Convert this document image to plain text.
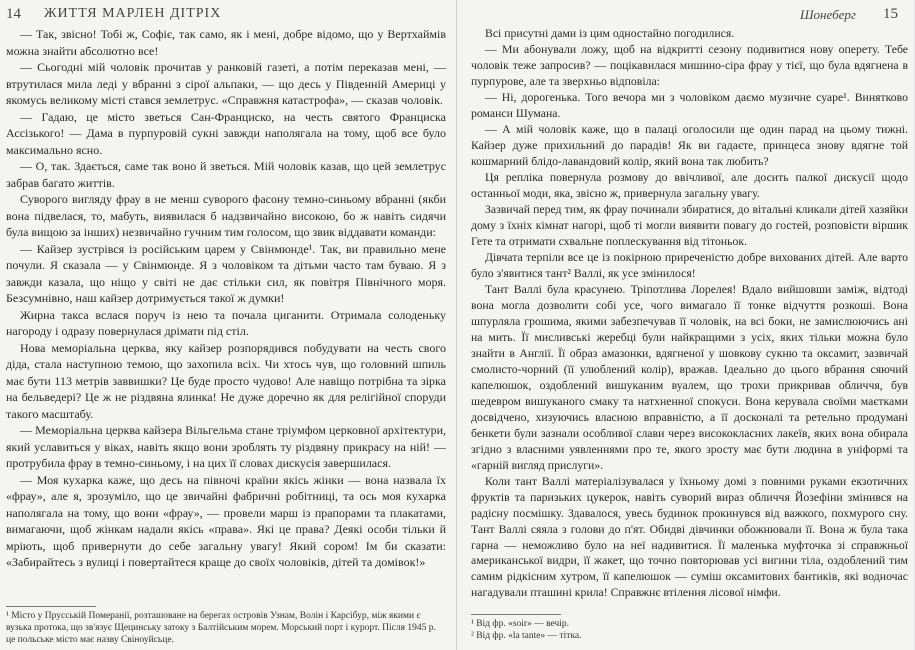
14 ЖИТТЯ МАРЛЕН ДІТРІХ

— Так, звісно! Тобі ж, Софіє, так само, як і мені, добре відомо, що у Вертхаймів можна знайти абсолютно все!

— Сьогодні мій чоловік прочитав у ранковій газеті, а потім переказав мені, — втрутилася мила леді у вбранні з сірої альпаки, — що десь у Південній Америці у якомусь великому місті стався землетрус. «Справжня катастрофа», — сказав чоловік.

— Гадаю, це місто зветься Сан-Франциско, на честь святого Франциска Ассізького! — Дама в пурпуровій сукні завжди наполягала на тому, щоб все було максимально ясно.

— О, так. Здається, саме так воно й зветься. Мій чоловік казав, що цей землетрус забрав багато життів.

Суворого вигляду фрау в не менш суворого фасону темно-синьому вбранні (якби вона підвелася, то, мабуть, виявилася б надзвичайно високою, бо ж навіть сидячи була вищою за інших) незвичайно гучним тим голосом, що звик віддавати команди:

— Кайзер зустрівся із російським царем у Свінмюнде¹. Так, ви правильно мене почули. Я сказала — у Свінмюнде. Я з чоловіком та дітьми часто там буваю. Я з завжди казала, що ніщо у світі не дає стільки сил, як повітря Північного моря. Безсумнівно, наш кайзер дотримується такої ж думки!

Жирна такса вслася поруч із нею та почала циганити. Отримала солоденьку нагороду і одразу повернулася дрімати під стіл.

Нова меморіальна церква, яку кайзер розпорядився побудувати на честь свого діда, стала наступною темою, що захопила всіх. Чи хтось чув, що головний шпиль має бути 113 метрів заввишки? Це буде просто чудово! Але навіщо потрібна та зірка на бельведері? Це ж не різдвяна ялинка! Не дуже доречно як для релігійної споруди такого масштабу.

— Меморіальна церква кайзера Вільгельма стане тріумфом церковної архітектури, який уславиться у віках, навіть якщо вони зроблять ту різдвяну прикрасу на ній! — протрубила фрау в темно-синьому, і на цих її словах дискусія завершилася.

— Моя кухарка каже, що десь на півночі країни якісь жінки — вона назвала їх «фрау», але я, зрозуміло, що це звичайні фабричні робітниці, та ось моя кухарка наполягала на тому, що вони «фрау», — провели марш із прапорами та плакатами, вимагаючи, щоб жінкам надали якісь «права». Які це права? Деякі особи тільки й мріють, щоб привернути до себе загальну увагу! Який сором! Ім би сказати: «Забирайтесь з вулиці і повертайтеся краще до своїх чоловіків, дітей та домівок!»

¹ Місто у Прусській Померанії, розташоване на берегах островів Узнам, Волін і Карсібур, між якими є вузька протока, що зв'язує Щецинську затоку з Балтійським морем. Морський порт і курорт. Після 1945 р. це польське місто має назву Свіноуйсьце.

Шонеберг 15

Всі присутні дами із цим одностайно погодилися.

— Ми абонували ложу, щоб на відкритті сезону подивитися нову оперету. Тебе чоловік теже запросив? — поцікавилася мишино-сіра фрау у тієї, що була вдягнена в пурпурове, але та зверхньо відповіла:

— Ні, дорогенька. Того вечора ми з чоловіком даємо музичне суаре¹. Винятково романси Шумана.

— А мій чоловік каже, що в палаці оголосили ще один парад на цьому тижні. Кайзер дуже прихильний до парадів! Як ви гадаєте, принцеса знову вдягне той кошмарний блідо-лавандовий колір, який вона так любить?

Ця репліка повернула розмову до ввічливої, але досить палкої дискусії щодо останньої моди, яка, звісно ж, привернула загальну увагу.

Зазвичай перед тим, як фрау починали збиратися, до вітальні кликали дітей хазяйки дому з їхніх кімнат нагорі, щоб ті могли виявити повагу до гостей, розповісти віршик Гете та отримати схвальне поплескування від тітоньок.

Дівчата терпіли все це із покірною приреченістю добре вихованих дітей. Але варто було з'явитися тант² Валлі, як усе змінилося!

Тант Валлі була красунею. Тріпотлива Лорелея! Вдало вийшовши заміж, відтоді вона могла дозволити собі усе, чого вимагало її тонке відчуття розкоші. Вона шпурляла грошима, якими забезпечував її чоловік, на всі боки, не замислюючись ані на мить. Її мисливські жеребці були найкращими з усіх, яких тільки можна було знайти в Англії. Її образ амазонки, вдягненої у шовкову сукню та оксамит, зазвичай смолисто-чорний (її улюблений колір), вражав. Ідеально до цього вбрання сяючий капелюшок, оздоблений вишуканим вуалем, що трохи прикривав обличчя, був шедевром вишуканого смаку та натхненної спокуси. Вона керувала своїми маєтками досвідчено, хизуючись власною вправністю, а її досконалі та ретельно продумані бенкети були зазнали особливої слави через висококласних лакеїв, яких вона обирала згідно з власними уявленнями про те, якого зросту має бути людина в уніформі та «гарній вигляд прислуги».

Коли тант Валлі матеріалізувалася у їхньому домі з повними руками екзотичних фруктів та паризьких цукерок, навіть суворий вираз обличчя Йозефіни змінився на радісну посмішку. Здавалося, увесь будинок прокинувся від важкого, похмурого сну. Тант Валлі сяяла з голови до п'ят. Обидві дівчинки обожнювали її. Вона ж була така гарна — неможливо було на неї надивитися. Її маленька муфточка зі справжньої американської видри, її жакет, що точно повторював усі вигини тіла, оздоблений тим самим рідкісним хутром, її капелюшок — суміш оксамитових бантиків, які водночас нагадували пташині крила! Справжнє втілення лісової німфи.

¹ Від фр. «soir» — вечір.

² Від фр. «la tante» — тітка.
